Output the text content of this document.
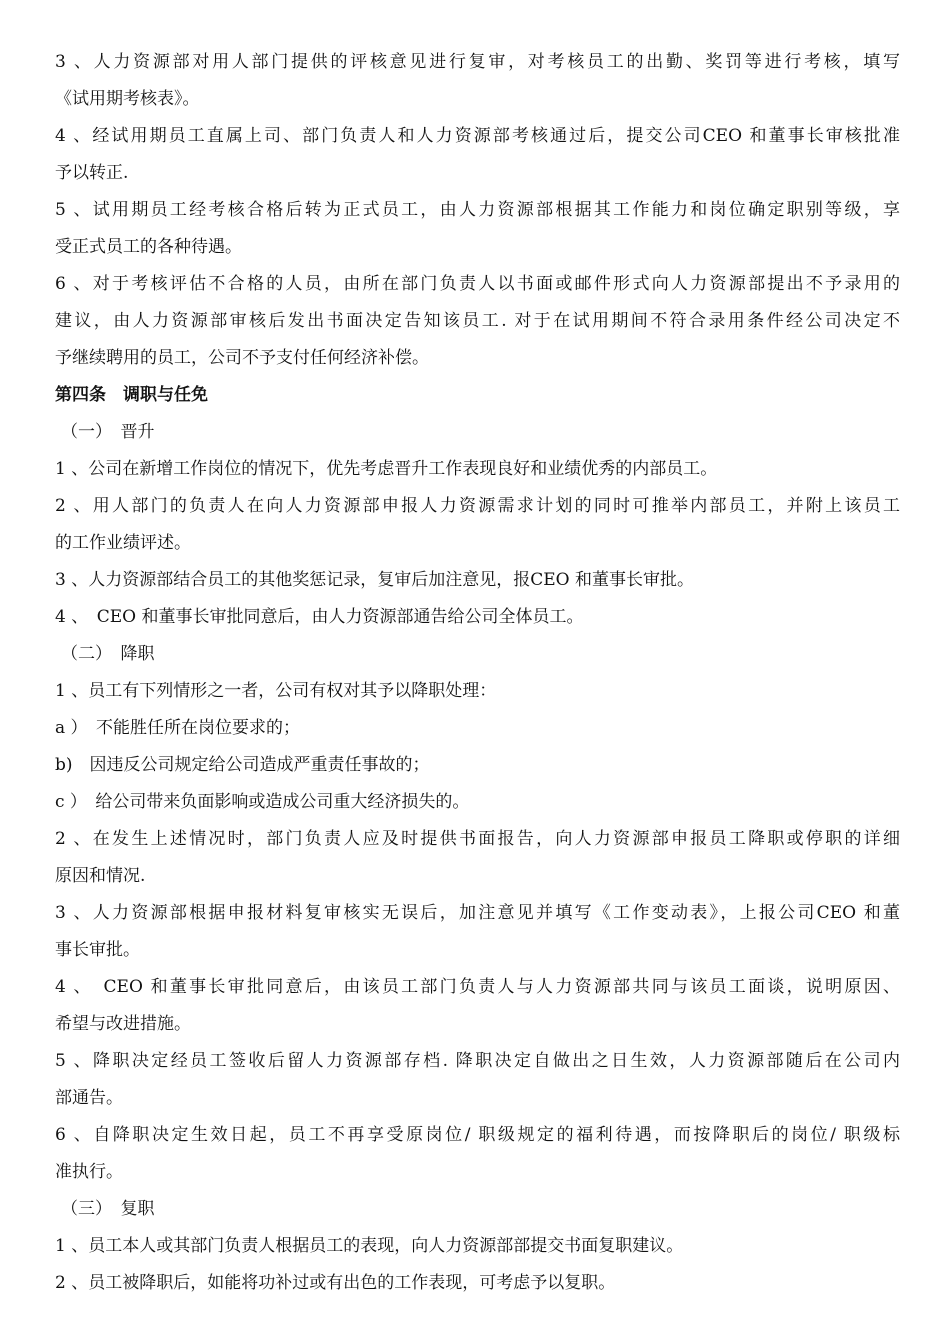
3 、人力资源部对用人部门提供的评核意见进行复审，对考核员工的出勤、奖罚等进行考核，填写

《试用期考核表》。

4 、经试用期员工直属上司、部门负责人和人力资源部考核通过后，提交公司CEO 和董事长审核批准

予以转正.

5 、试用期员工经考核合格后转为正式员工，由人力资源部根据其工作能力和岗位确定职别等级，享

受正式员工的各种待遇。

6 、对于考核评估不合格的人员，由所在部门负责人以书面或邮件形式向人力资源部提出不予录用的

建议，由人力资源部审核后发出书面决定告知该员工. 对于在试用期间不符合录用条件经公司决定不

予继续聘用的员工，公司不予支付任何经济补偿。

第四条　调职与任免

（一）　晋升

1 、公司在新增工作岗位的情况下，优先考虑晋升工作表现良好和业绩优秀的内部员工。

2 、用人部门的负责人在向人力资源部申报人力资源需求计划的同时可推举内部员工，并附上该员工

的工作业绩评述。

3 、人力资源部结合员工的其他奖惩记录，复审后加注意见，报CEO 和董事长审批。

4 、　CEO 和董事长审批同意后，由人力资源部通告给公司全体员工。

（二）　降职

1 、员工有下列情形之一者，公司有权对其予以降职处理：

a ）　不能胜任所在岗位要求的；

b)　因违反公司规定给公司造成严重责任事故的；

c ）　给公司带来负面影响或造成公司重大经济损失的。

2 、在发生上述情况时，部门负责人应及时提供书面报告，向人力资源部申报员工降职或停职的详细

原因和情况.

3 、人力资源部根据申报材料复审核实无误后，加注意见并填写《工作变动表》，上报公司CEO 和董

事长审批。

4 、　CEO 和董事长审批同意后，由该员工部门负责人与人力资源部共同与该员工面谈，说明原因、

希望与改进措施。

5 、降职决定经员工签收后留人力资源部存档. 降职决定自做出之日生效，人力资源部随后在公司内

部通告。

6 、自降职决定生效日起，员工不再享受原岗位/ 职级规定的福利待遇，而按降职后的岗位/ 职级标

准执行。

（三）　复职

1 、员工本人或其部门负责人根据员工的表现，向人力资源部部提交书面复职建议。

2 、员工被降职后，如能将功补过或有出色的工作表现，可考虑予以复职。
